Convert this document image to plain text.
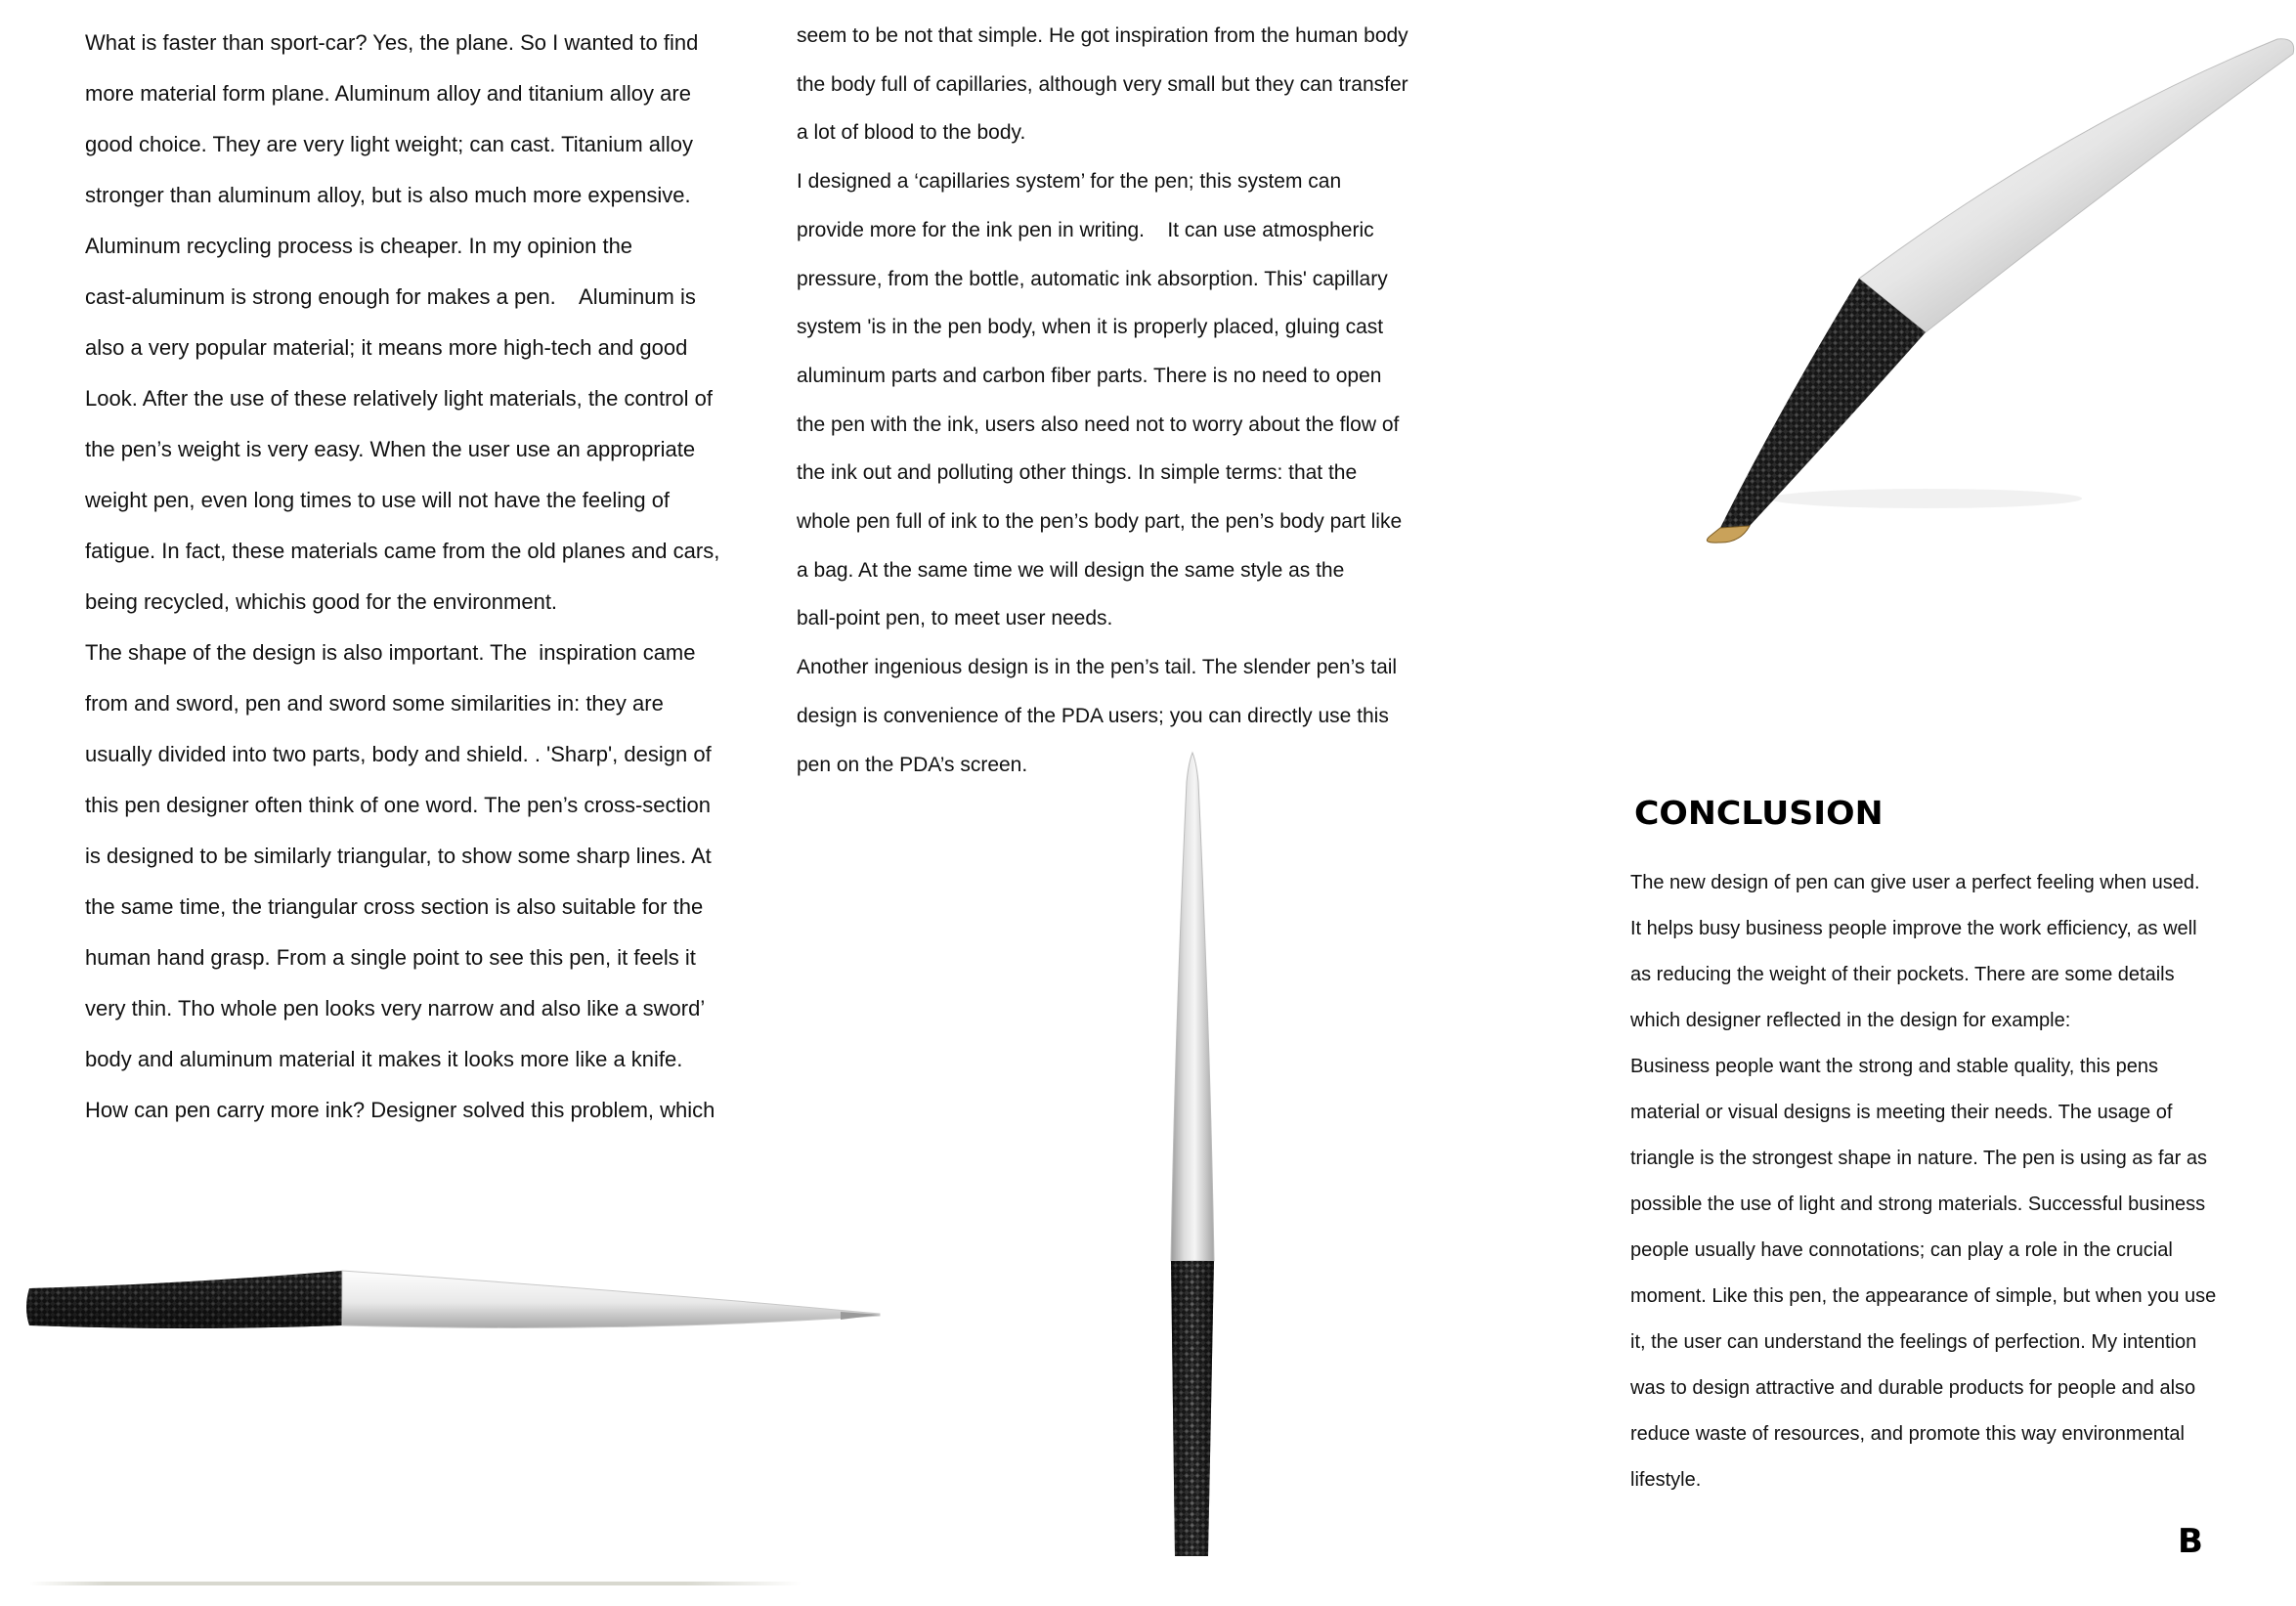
What is faster than sport-car? Yes, the plane. So I wanted to find

more material form plane. Aluminum alloy and titanium alloy are

good choice. They are very light weight; can cast. Titanium alloy

stronger than aluminum alloy, but is also much more expensive.

Aluminum recycling process is cheaper. In my opinion the

cast-aluminum is strong enough for makes a pen.    Aluminum is

also a very popular material; it means more high-tech and good

Look. After the use of these relatively light materials, the control of

the pen’s weight is very easy. When the user use an appropriate

weight pen, even long times to use will not have the feeling of

fatigue. In fact, these materials came from the old planes and cars,

being recycled, whichis good for the environment.

The shape of the design is also important. The  inspiration came

from and sword, pen and sword some similarities in: they are

usually divided into two parts, body and shield. . 'Sharp', design of

this pen designer often think of one word. The pen’s cross-section

is designed to be similarly triangular, to show some sharp lines. At

the same time, the triangular cross section is also suitable for the

human hand grasp. From a single point to see this pen, it feels it

very thin. Tho whole pen looks very narrow and also like a sword’

body and aluminum material it makes it looks more like a knife.

How can pen carry more ink? Designer solved this problem, which

seem to be not that simple. He got inspiration from the human body

the body full of capillaries, although very small but they can transfer

a lot of blood to the body.

I designed a ‘capillaries system’ for the pen; this system can

provide more for the ink pen in writing.    It can use atmospheric

pressure, from the bottle, automatic ink absorption. This' capillary

system 'is in the pen body, when it is properly placed, gluing cast

aluminum parts and carbon fiber parts. There is no need to open

the pen with the ink, users also need not to worry about the flow of

the ink out and polluting other things. In simple terms: that the

whole pen full of ink to the pen’s body part, the pen’s body part like

a bag. At the same time we will design the same style as the

ball-point pen, to meet user needs.

Another ingenious design is in the pen’s tail. The slender pen’s tail

design is convenience of the PDA users; you can directly use this

pen on the PDA’s screen.

CONCLUSION

The new design of pen can give user a perfect feeling when used.

It helps busy business people improve the work efficiency, as well

as reducing the weight of their pockets. There are some details

which designer reflected in the design for example:

Business people want the strong and stable quality, this pens

material or visual designs is meeting their needs. The usage of

triangle is the strongest shape in nature. The pen is using as far as

possible the use of light and strong materials. Successful business

people usually have connotations; can play a role in the crucial

moment. Like this pen, the appearance of simple, but when you use

it, the user can understand the feelings of perfection. My intention

was to design attractive and durable products for people and also

reduce waste of resources, and promote this way environmental

lifestyle.

B
